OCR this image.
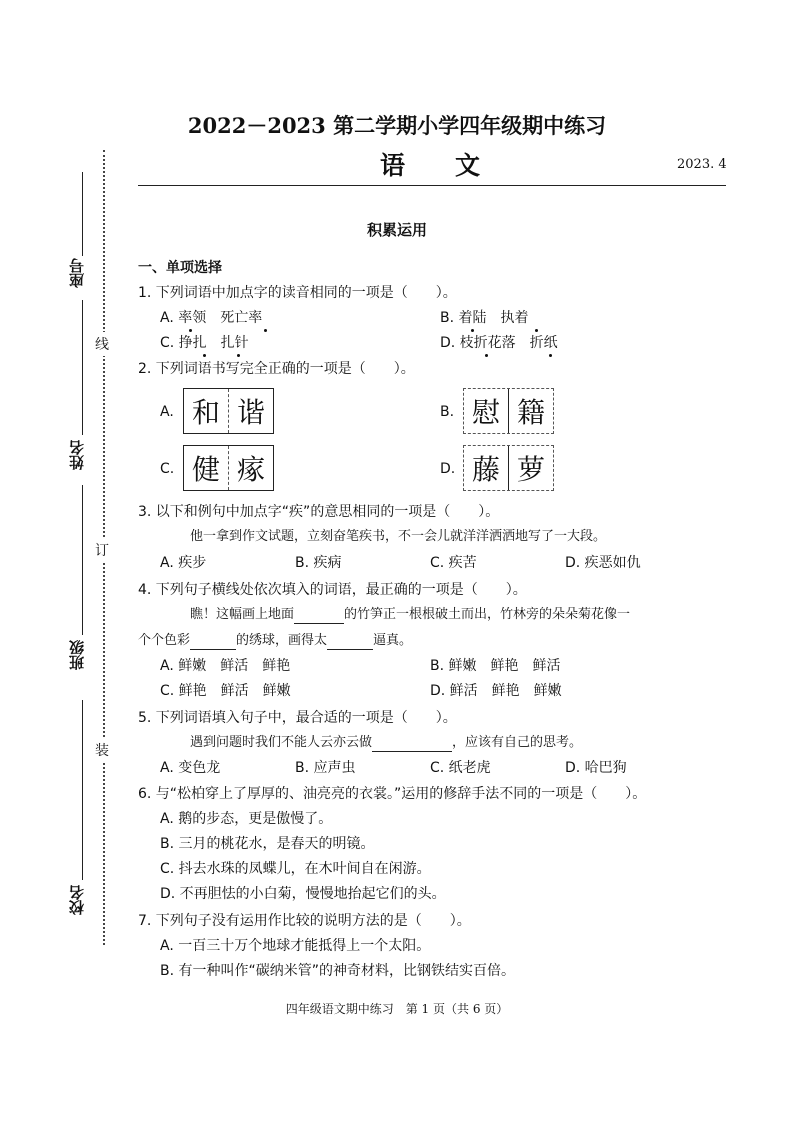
座号
姓名
班级
校名
线
订
装
2022－2023 第二学期小学四年级期中练习
语　　文	2023. 4
积累运用
一、单项选择
1. 下列词语中加点字的读音相同的一项是（　　）。
A. 率领　死亡率	B. 着陆　执着
C. 挣扎　扎针	D. 枝折花落　折纸
2. 下列词语书写完全正确的一项是（　　）。
A. 和 谐	B. 慰 籍
C. 健 瘃	D. 藤 萝
3. 以下和例句中加点字“疾”的意思相同的一项是（　　）。
他一拿到作文试题，立刻奋笔疾书，不一会儿就洋洋洒洒地写了一大段。
A. 疾步	B. 疾病	C. 疾苦	D. 疾恶如仇
4. 下列句子横线处依次填入的词语，最正确的一项是（　　）。
瞧！这幅画上地面	的竹笋正一根根破土而出，竹林旁的朵朵菊花像一
个个色彩	的绣球，画得太	逼真。
A. 鲜嫩　鲜活　鲜艳	B. 鲜嫩　鲜艳　鲜活
C. 鲜艳　鲜活　鲜嫩	D. 鲜活　鲜艳　鲜嫩
5. 下列词语填入句子中，最合适的一项是（　　）。
遇到问题时我们不能人云亦云做	，应该有自己的思考。
A. 变色龙	B. 应声虫	C. 纸老虎	D. 哈巴狗
6. 与“松柏穿上了厚厚的、油亮亮的衣裳。”运用的修辞手法不同的一项是（　　）。
A. 鹅的步态，更是傲慢了。
B. 三月的桃花水，是春天的明镜。
C. 抖去水珠的凤蝶儿，在木叶间自在闲游。
D. 不再胆怯的小白菊，慢慢地抬起它们的头。
7. 下列句子没有运用作比较的说明方法的是（　　）。
A. 一百三十万个地球才能抵得上一个太阳。
B. 有一种叫作“碳纳米管”的神奇材料，比钢铁结实百倍。
四年级语文期中练习　第 1 页（共 6 页）
